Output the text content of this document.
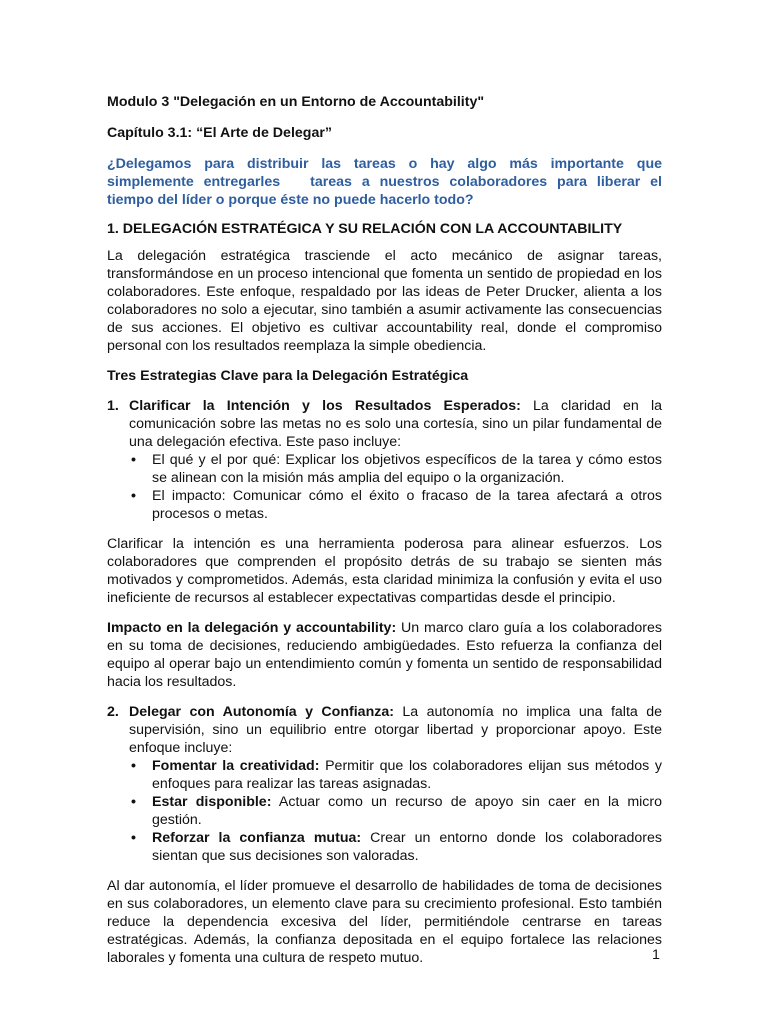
Modulo 3 "Delegación en un Entorno de Accountability"

Capítulo 3.1: “El Arte de Delegar”

¿Delegamos para distribuir las tareas o hay algo más importante que simplemente entregarles tareas a nuestros colaboradores para liberar el tiempo del líder o porque éste no puede hacerlo todo?

1. DELEGACIÓN ESTRATÉGICA Y SU RELACIÓN CON LA ACCOUNTABILITY

La delegación estratégica trasciende el acto mecánico de asignar tareas, transformándose en un proceso intencional que fomenta un sentido de propiedad en los colaboradores. Este enfoque, respaldado por las ideas de Peter Drucker, alienta a los colaboradores no solo a ejecutar, sino también a asumir activamente las consecuencias de sus acciones. El objetivo es cultivar accountability real, donde el compromiso personal con los resultados reemplaza la simple obediencia.

Tres Estrategias Clave para la Delegación Estratégica

1. Clarificar la Intención y los Resultados Esperados: La claridad en la comunicación sobre las metas no es solo una cortesía, sino un pilar fundamental de una delegación efectiva. Este paso incluye:
• El qué y el por qué: Explicar los objetivos específicos de la tarea y cómo estos se alinean con la misión más amplia del equipo o la organización.
• El impacto: Comunicar cómo el éxito o fracaso de la tarea afectará a otros procesos o metas.

Clarificar la intención es una herramienta poderosa para alinear esfuerzos. Los colaboradores que comprenden el propósito detrás de su trabajo se sienten más motivados y comprometidos. Además, esta claridad minimiza la confusión y evita el uso ineficiente de recursos al establecer expectativas compartidas desde el principio.

Impacto en la delegación y accountability: Un marco claro guía a los colaboradores en su toma de decisiones, reduciendo ambigüedades. Esto refuerza la confianza del equipo al operar bajo un entendimiento común y fomenta un sentido de responsabilidad hacia los resultados.

2. Delegar con Autonomía y Confianza: La autonomía no implica una falta de supervisión, sino un equilibrio entre otorgar libertad y proporcionar apoyo. Este enfoque incluye:
• Fomentar la creatividad: Permitir que los colaboradores elijan sus métodos y enfoques para realizar las tareas asignadas.
• Estar disponible: Actuar como un recurso de apoyo sin caer en la micro gestión.
• Reforzar la confianza mutua: Crear un entorno donde los colaboradores sientan que sus decisiones son valoradas.

Al dar autonomía, el líder promueve el desarrollo de habilidades de toma de decisiones en sus colaboradores, un elemento clave para su crecimiento profesional. Esto también reduce la dependencia excesiva del líder, permitiéndole centrarse en tareas estratégicas. Además, la confianza depositada en el equipo fortalece las relaciones laborales y fomenta una cultura de respeto mutuo.	1
